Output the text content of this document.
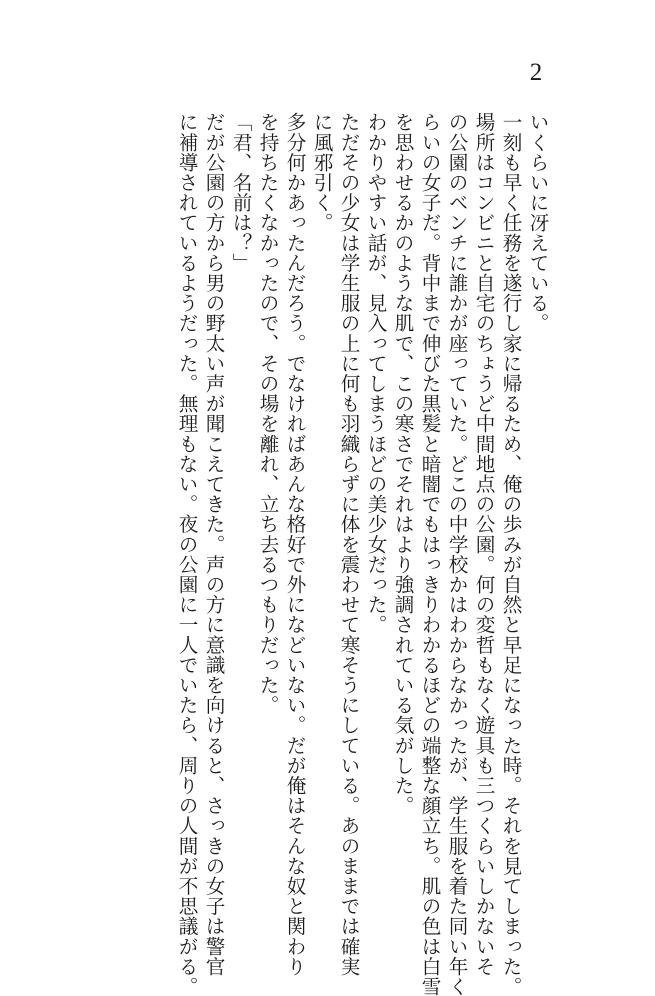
2

いくらいに冴えている。

一刻も早く任務を遂行し家に帰るため、俺の歩みが自然と早足になった時。それを見てしまった。

場所はコンビニと自宅のちょうど中間地点の公園。何の変哲もなく遊具も三つくらいしかないそ

の公園のベンチに誰かが座っていた。どこの中学校かはわからなかったが、学生服を着た同い年く

らいの女子だ。背中まで伸びた黒髪と暗闇でもはっきりわかるほどの端整な顔立ち。肌の色は白雪

を思わせるかのような肌で、この寒さでそれはより強調されている気がした。

わかりやすい話が、見入ってしまうほどの美少女だった。

ただその少女は学生服の上に何も羽織らずに体を震わせて寒そうにしている。あのままでは確実

に風邪引く。

多分何かあったんだろう。でなければあんな格好で外になどいない。だが俺はそんな奴と関わり

を持ちたくなかったので、その場を離れ、立ち去るつもりだった。

「君、名前は？」

だが公園の方から男の野太い声が聞こえてきた。声の方に意識を向けると、さっきの女子は警官

に補導されているようだった。無理もない。夜の公園に一人でいたら、周りの人間が不思議がる。
